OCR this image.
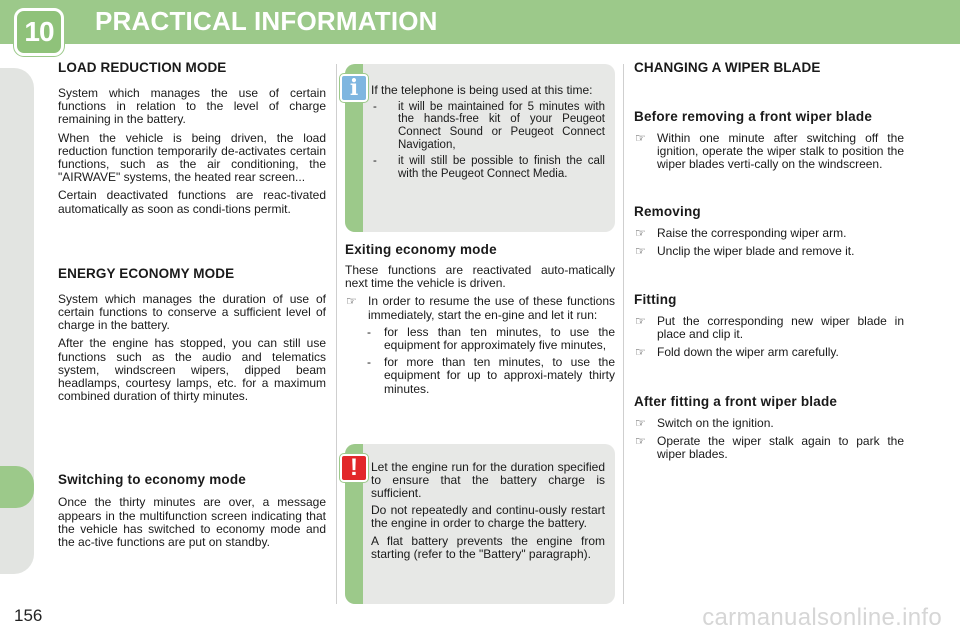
10 PRACTICAL INFORMATION
LOAD REDUCTION MODE

System which manages the use of certain functions in relation to the level of charge remaining in the battery.

When the vehicle is being driven, the load reduction function temporarily de-activates certain functions, such as the air conditioning, the "AIRWAVE" systems, the heated rear screen...

Certain deactivated functions are reac-tivated automatically as soon as condi-tions permit.

ENERGY ECONOMY MODE

System which manages the duration of use of certain functions to conserve a sufficient level of charge in the battery.

After the engine has stopped, you can still use functions such as the audio and telematics system, windscreen wipers, dipped beam headlamps, courtesy lamps, etc. for a maximum combined duration of thirty minutes.

Switching to economy mode

Once the thirty minutes are over, a message appears in the multifunction screen indicating that the vehicle has switched to economy mode and the ac-tive functions are put on standby.

If the telephone is being used at this time:

- it will be maintained for 5 minutes with the hands-free kit of your Peugeot Connect Sound or Peugeot Connect Navigation,
- it will still be possible to finish the call with the Peugeot Connect Media.
i
Exiting economy mode

These functions are reactivated auto-matically next time the vehicle is driven.

☞ In order to resume the use of these functions immediately, start the en-gine and let it run:
- for less than ten minutes, to use the equipment for approximately five minutes,
- for more than ten minutes, to use the equipment for up to approxi-mately thirty minutes.

Let the engine run for the duration specified to ensure that the battery charge is sufficient.

Do not repeatedly and continu-ously restart the engine in order to charge the battery.

A flat battery prevents the engine from starting (refer to the "Battery" paragraph).

!
CHANGING A WIPER BLADE
Before removing a front wiper blade
☞ Within one minute after switching off the ignition, operate the wiper stalk to position the wiper blades verti-cally on the windscreen.
Removing
☞ Raise the corresponding wiper arm.
☞ Unclip the wiper blade and remove it.
Fitting
☞ Put the corresponding new wiper blade in place and clip it.
☞ Fold down the wiper arm carefully.
After fitting a front wiper blade
☞ Switch on the ignition.
☞ Operate the wiper stalk again to park the wiper blades.
156	carmanualsonline.info
